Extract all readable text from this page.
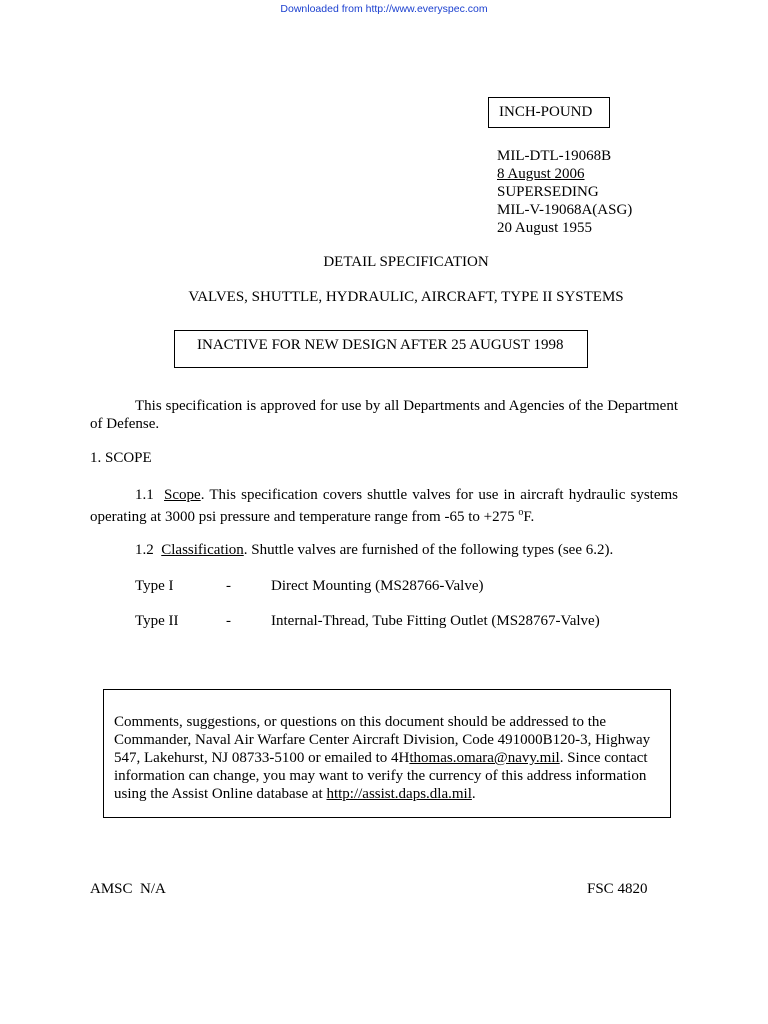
Downloaded from http://www.everyspec.com
INCH-POUND
MIL-DTL-19068B
8 August 2006
SUPERSEDING
MIL-V-19068A(ASG)
20 August 1955
DETAIL SPECIFICATION
VALVES, SHUTTLE, HYDRAULIC, AIRCRAFT, TYPE II SYSTEMS
INACTIVE FOR NEW DESIGN AFTER 25 AUGUST 1998
This specification is approved for use by all Departments and Agencies of the Department of Defense.
1. SCOPE
1.1 Scope. This specification covers shuttle valves for use in aircraft hydraulic systems operating at 3000 psi pressure and temperature range from -65 to +275 $^o$F.
1.2 Classification. Shuttle valves are furnished of the following types (see 6.2).
Type I	-	Direct Mounting (MS28766-Valve)
Type II	-	Internal-Thread, Tube Fitting Outlet (MS28767-Valve)
Comments, suggestions, or questions on this document should be addressed to the Commander, Naval Air Warfare Center Aircraft Division, Code 491000B120-3, Highway 547, Lakehurst, NJ 08733-5100 or emailed to 4Hthomas.omara@navy.mil. Since contact information can change, you may want to verify the currency of this address information using the Assist Online database at http://assist.daps.dla.mil.
AMSC  N/A	FSC 4820
